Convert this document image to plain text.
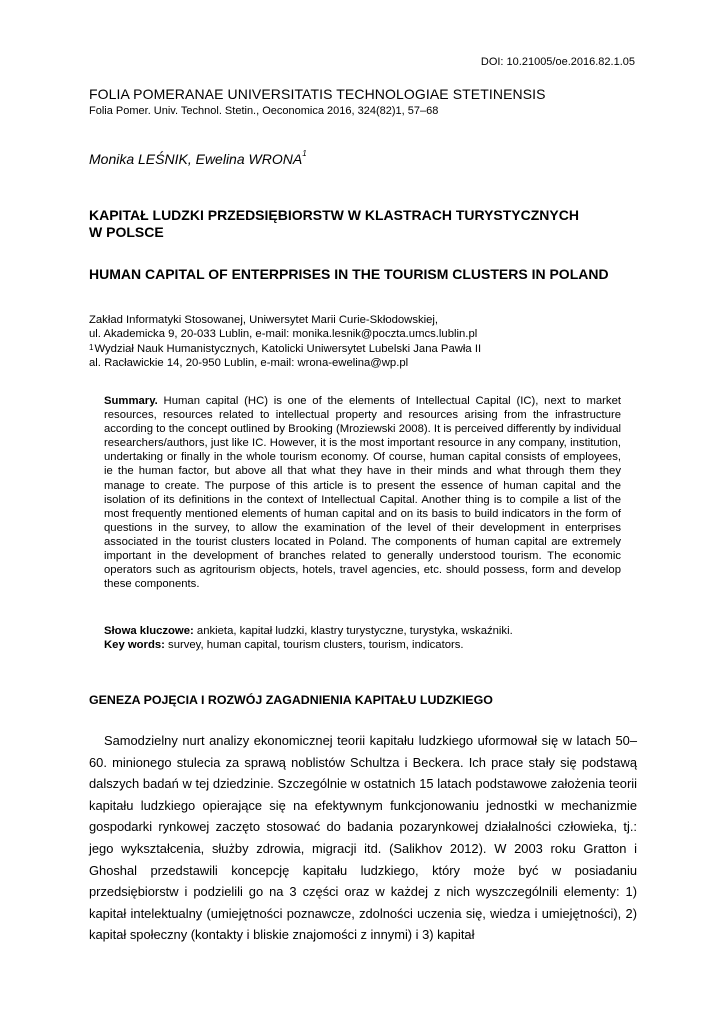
DOI: 10.21005/oe.2016.82.1.05
FOLIA POMERANAE UNIVERSITATIS TECHNOLOGIAE STETINENSIS
Folia Pomer. Univ. Technol. Stetin., Oeconomica 2016, 324(82)1, 57–68
Monika LEŚNIK, Ewelina WRONA$^1$
KAPITAŁ LUDZKI PRZEDSIĘBIORSTW W KLASTRACH TURYSTYCZNYCH
W POLSCE
HUMAN CAPITAL OF ENTERPRISES IN THE TOURISM CLUSTERS IN POLAND
Zakład Informatyki Stosowanej, Uniwersytet Marii Curie-Skłodowskiej,
ul. Akademicka 9, 20-033 Lublin, e-mail: monika.lesnik@poczta.umcs.lublin.pl
$^1$Wydział Nauk Humanistycznych, Katolicki Uniwersytet Lubelski Jana Pawła II
al. Racławickie 14, 20-950 Lublin, e-mail: wrona-ewelina@wp.pl
Summary. Human capital (HC) is one of the elements of Intellectual Capital (IC), next to market resources, resources related to intellectual property and resources arising from the infrastructure according to the concept outlined by Brooking (Mroziewski 2008). It is perceived differently by individual researchers/authors, just like IC. However, it is the most important resource in any company, institution, undertaking or finally in the whole tourism economy. Of course, human capital consists of employees, ie the human factor, but above all that what they have in their minds and what through them they manage to create. The purpose of this article is to present the essence of human capital and the isolation of its definitions in the context of Intellectual Capital. Another thing is to compile a list of the most frequently mentioned elements of human capital and on its basis to build indicators in the form of questions in the survey, to allow the examination of the level of their development in enterprises associated in the tourist clusters located in Poland. The components of human capital are extremely important in the development of branches related to generally understood tourism. The economic operators such as agritourism objects, hotels, travel agencies, etc. should possess, form and develop these components.
Słowa kluczowe: ankieta, kapitał ludzki, klastry turystyczne, turystyka, wskaźniki.
Key words: survey, human capital, tourism clusters, tourism, indicators.
GENEZA POJĘCIA I ROZWÓJ ZAGADNIENIA KAPITAŁU LUDZKIEGO
Samodzielny nurt analizy ekonomicznej teorii kapitału ludzkiego uformował się w latach 50–60. minionego stulecia za sprawą noblistów Schultza i Beckera. Ich prace stały się podstawą dalszych badań w tej dziedzinie. Szczególnie w ostatnich 15 latach podstawowe założenia teorii kapitału ludzkiego opierające się na efektywnym funkcjonowaniu jednostki w mechanizmie gospodarki rynkowej zaczęto stosować do badania pozarynkowej działalności człowieka, tj.: jego wykształcenia, służby zdrowia, migracji itd. (Salikhov 2012). W 2003 roku Gratton i Ghoshal przedstawili koncepcję kapitału ludzkiego, który może być w posiadaniu przedsiębiorstw i podzielili go na 3 części oraz w każdej z nich wyszczególnili elementy: 1) kapitał intelektualny (umiejętności poznawcze, zdolności uczenia się, wiedza i umiejętności), 2) kapitał społeczny (kontakty i bliskie znajomości z innymi) i 3) kapitał
